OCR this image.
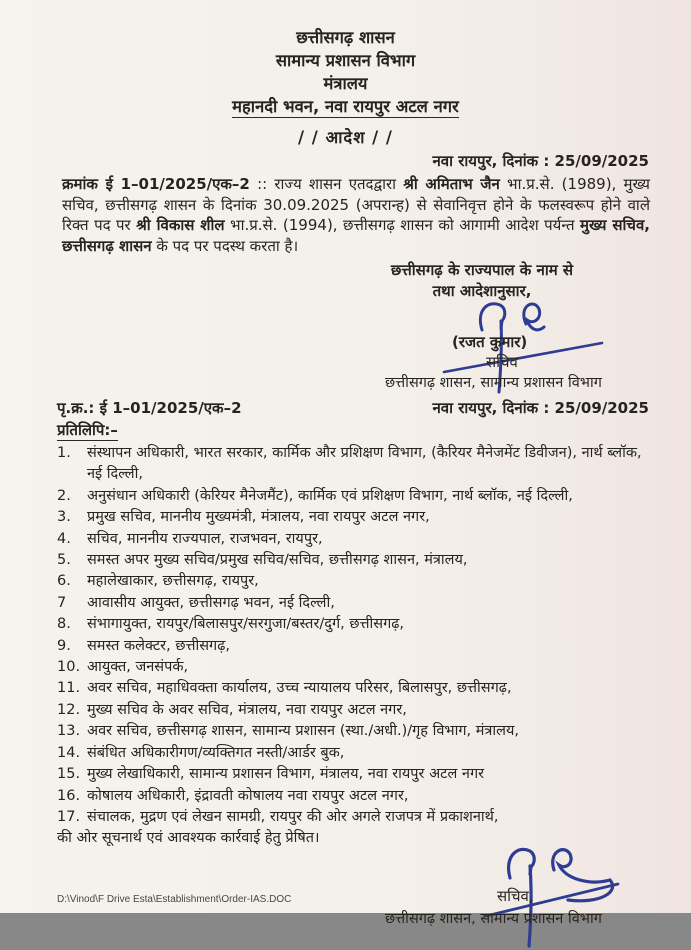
छत्तीसगढ़ शासन
सामान्य प्रशासन विभाग
मंत्रालय
महानदी भवन, नवा रायपुर अटल नगर
/ / आदेश / /
नवा रायपुर, दिनांक : 25/09/2025
क्रमांक ई 1–01/2025/एक–2 :: राज्य शासन एतदद्वारा श्री अमिताभ जैन भा.प्र.से. (1989), मुख्य सचिव, छत्तीसगढ़ शासन के दिनांक 30.09.2025 (अपरान्ह) से सेवानिवृत्त होने के फलस्वरूप होने वाले रिक्त पद पर श्री विकास शील भा.प्र.से. (1994), छत्तीसगढ़ शासन को आगामी आदेश पर्यन्त मुख्य सचिव, छत्तीसगढ़ शासन के पद पर पदस्थ करता है।
छत्तीसगढ़ के राज्यपाल के नाम से
तथा आदेशानुसार,
(रजत कुमार)
सचिव
छत्तीसगढ़ शासन, सामान्य प्रशासन विभाग
पृ.क्र.: ई 1–01/2025/एक–2	नवा रायपुर, दिनांक : 25/09/2025
प्रतिलिपि:–
1.	संस्थापन अधिकारी, भारत सरकार, कार्मिक और प्रशिक्षण विभाग, (कैरियर मैनेजमेंट डिवीजन), नार्थ ब्लॉक, नई दिल्ली,
2.	अनुसंधान अधिकारी (केरियर मैनेजमैंट), कार्मिक एवं प्रशिक्षण विभाग, नार्थ ब्लॉक, नई दिल्ली,
3.	प्रमुख सचिव, माननीय मुख्यमंत्री, मंत्रालय, नवा रायपुर अटल नगर,
4.	सचिव, माननीय राज्यपाल, राजभवन, रायपुर,
5.	समस्त अपर मुख्य सचिव/प्रमुख सचिव/सचिव, छत्तीसगढ़ शासन, मंत्रालय,
6.	महालेखाकार, छत्तीसगढ़, रायपुर,
7	आवासीय आयुक्त, छत्तीसगढ़ भवन, नई दिल्ली,
8.	संभागायुक्त, रायपुर/बिलासपुर/सरगुजा/बस्तर/दुर्ग, छत्तीसगढ़,
9.	समस्त कलेक्टर, छत्तीसगढ़,
10. आयुक्त, जनसंपर्क,
11. अवर सचिव, महाधिवक्ता कार्यालय, उच्च न्यायालय परिसर, बिलासपुर, छत्तीसगढ़,
12. मुख्य सचिव के अवर सचिव, मंत्रालय, नवा रायपुर अटल नगर,
13. अवर सचिव, छत्तीसगढ़ शासन, सामान्य प्रशासन (स्था./अधी.)/गृह विभाग, मंत्रालय,
14. संबंधित अधिकारीगण/व्यक्तिगत नस्ती/आर्डर बुक,
15. मुख्य लेखाधिकारी, सामान्य प्रशासन विभाग, मंत्रालय, नवा रायपुर अटल नगर
16. कोषालय अधिकारी, इंद्रावती कोषालय नवा रायपुर अटल नगर,
17. संचालक, मुद्रण एवं लेखन सामग्री, रायपुर की ओर अगले राजपत्र में प्रकाशनार्थ,
की ओर सूचनार्थ एवं आवश्यक कार्रवाई हेतु प्रेषित।
सचिव,
छत्तीसगढ़ शासन, सामान्य प्रशासन विभाग
D:\Vinod\F Drive Esta\Establishment\Order-IAS.DOC
